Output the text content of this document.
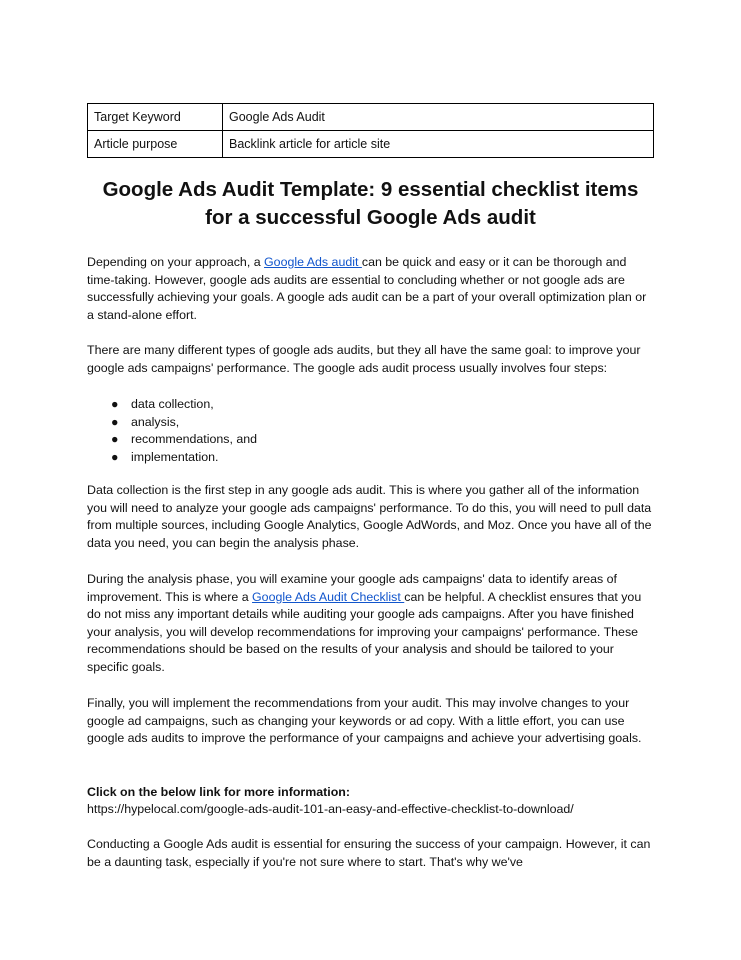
Target Keyword	Google Ads Audit
Article purpose	Backlink article for article site
Google Ads Audit Template: 9 essential checklist items for a successful Google Ads audit

Depending on your approach, a Google Ads audit can be quick and easy or it can be thorough and time-taking. However, google ads audits are essential to concluding whether or not google ads are successfully achieving your goals. A google ads audit can be a part of your overall optimization plan or a stand-alone effort.

There are many different types of google ads audits, but they all have the same goal: to improve your google ads campaigns' performance. The google ads audit process usually involves four steps:

● data collection,
● analysis,
● recommendations, and
● implementation.

Data collection is the first step in any google ads audit. This is where you gather all of the information you will need to analyze your google ads campaigns' performance. To do this, you will need to pull data from multiple sources, including Google Analytics, Google AdWords, and Moz. Once you have all of the data you need, you can begin the analysis phase.

During the analysis phase, you will examine your google ads campaigns' data to identify areas of improvement. This is where a Google Ads Audit Checklist can be helpful. A checklist ensures that you do not miss any important details while auditing your google ads campaigns. After you have finished your analysis, you will develop recommendations for improving your campaigns' performance. These recommendations should be based on the results of your analysis and should be tailored to your specific goals.

Finally, you will implement the recommendations from your audit. This may involve changes to your google ad campaigns, such as changing your keywords or ad copy. With a little effort, you can use google ads audits to improve the performance of your campaigns and achieve your advertising goals.

Click on the below link for more information:

https://hypelocal.com/google-ads-audit-101-an-easy-and-effective-checklist-to-download/

Conducting a Google Ads audit is essential for ensuring the success of your campaign. However, it can be a daunting task, especially if you're not sure where to start. That's why we've
